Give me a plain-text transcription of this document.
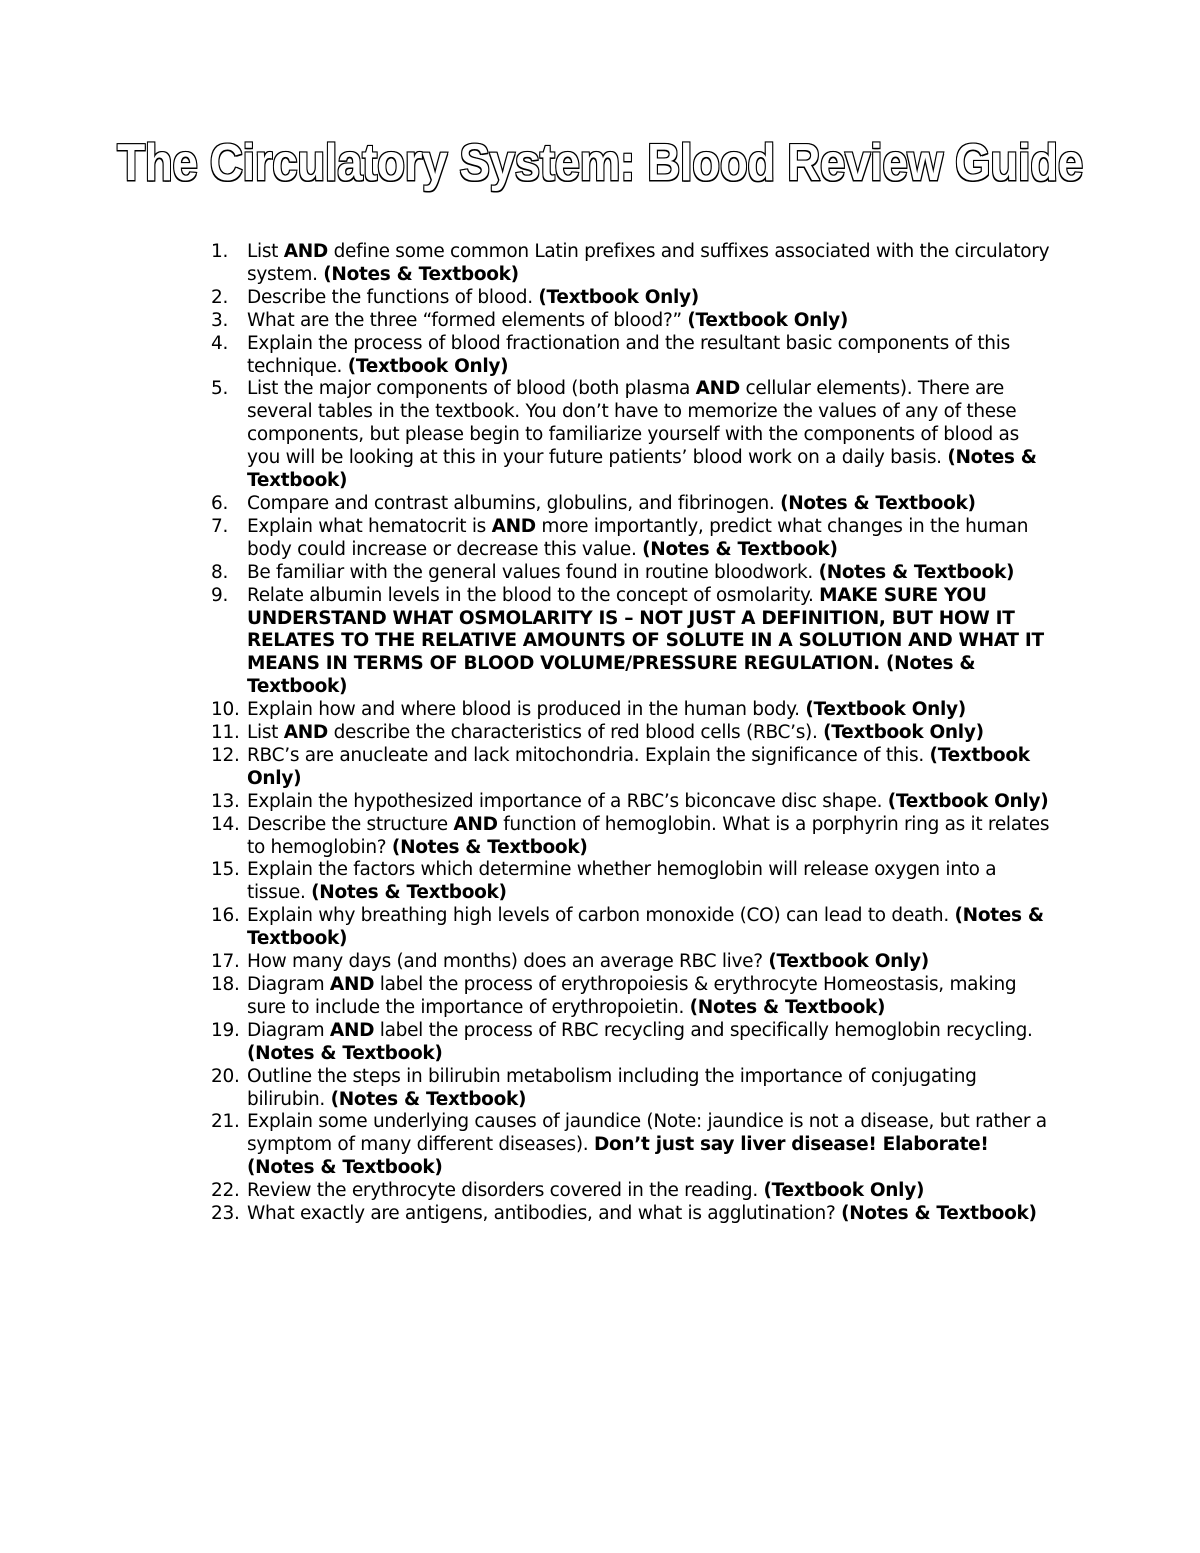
The Circulatory System: Blood Review Guide
1. List AND define some common Latin prefixes and suffixes associated with the circulatory system. (Notes & Textbook)
2. Describe the functions of blood. (Textbook Only)
3. What are the three “formed elements of blood?” (Textbook Only)
4. Explain the process of blood fractionation and the resultant basic components of this technique. (Textbook Only)
5. List the major components of blood (both plasma AND cellular elements). There are several tables in the textbook. You don’t have to memorize the values of any of these components, but please begin to familiarize yourself with the components of blood as you will be looking at this in your future patients’ blood work on a daily basis. (Notes & Textbook)
6. Compare and contrast albumins, globulins, and fibrinogen. (Notes & Textbook)
7. Explain what hematocrit is AND more importantly, predict what changes in the human body could increase or decrease this value. (Notes & Textbook)
8. Be familiar with the general values found in routine bloodwork. (Notes & Textbook)
9. Relate albumin levels in the blood to the concept of osmolarity. MAKE SURE YOU UNDERSTAND WHAT OSMOLARITY IS – NOT JUST A DEFINITION, BUT HOW IT RELATES TO THE RELATIVE AMOUNTS OF SOLUTE IN A SOLUTION AND WHAT IT MEANS IN TERMS OF BLOOD VOLUME/PRESSURE REGULATION. (Notes & Textbook)
10. Explain how and where blood is produced in the human body. (Textbook Only)
11. List AND describe the characteristics of red blood cells (RBC’s). (Textbook Only)
12. RBC’s are anucleate and lack mitochondria. Explain the significance of this. (Textbook Only)
13. Explain the hypothesized importance of a RBC’s biconcave disc shape. (Textbook Only)
14. Describe the structure AND function of hemoglobin. What is a porphyrin ring as it relates to hemoglobin? (Notes & Textbook)
15. Explain the factors which determine whether hemoglobin will release oxygen into a tissue. (Notes & Textbook)
16. Explain why breathing high levels of carbon monoxide (CO) can lead to death. (Notes & Textbook)
17. How many days (and months) does an average RBC live? (Textbook Only)
18. Diagram AND label the process of erythropoiesis & erythrocyte Homeostasis, making sure to include the importance of erythropoietin. (Notes & Textbook)
19. Diagram AND label the process of RBC recycling and specifically hemoglobin recycling. (Notes & Textbook)
20. Outline the steps in bilirubin metabolism including the importance of conjugating bilirubin. (Notes & Textbook)
21. Explain some underlying causes of jaundice (Note: jaundice is not a disease, but rather a symptom of many different diseases). Don’t just say liver disease! Elaborate! (Notes & Textbook)
22. Review the erythrocyte disorders covered in the reading. (Textbook Only)
23. What exactly are antigens, antibodies, and what is agglutination? (Notes & Textbook)
